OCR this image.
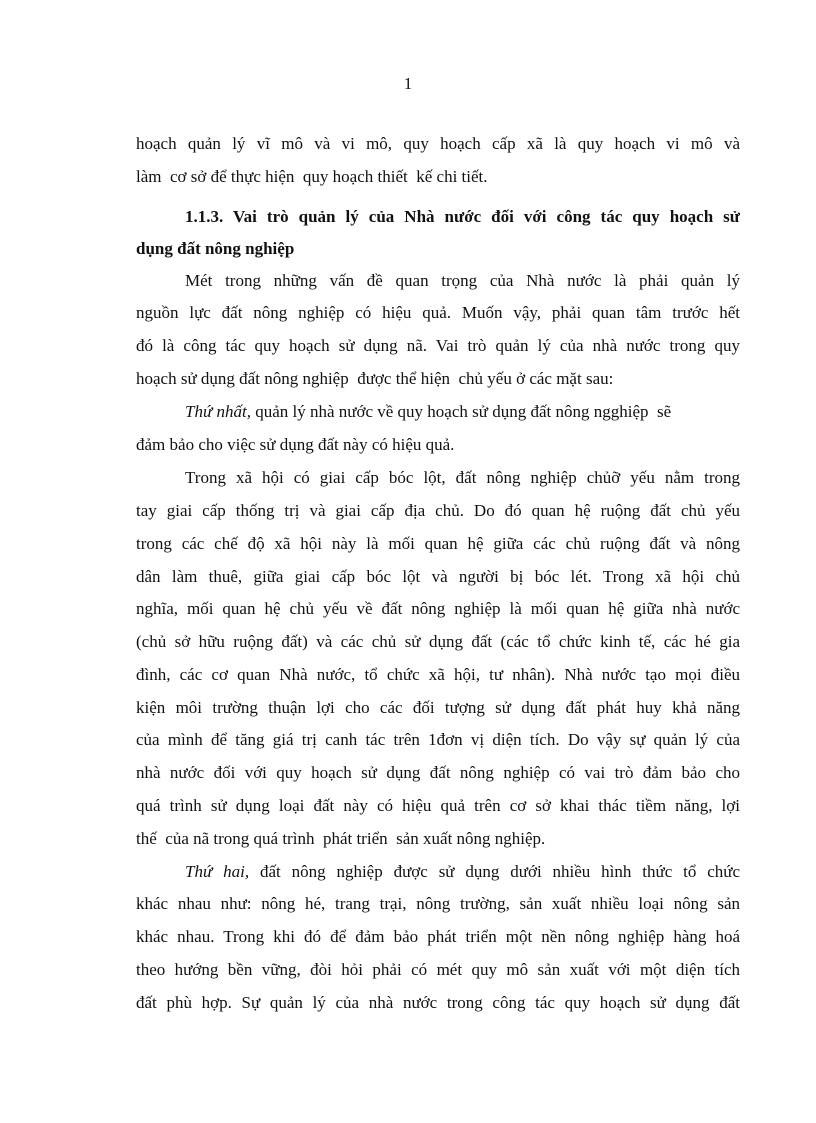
1
hoạch quản lý vĩ mô và vi mô, quy hoạch cấp xã là quy hoạch vi mô và
làm  cơ sở để thực hiện  quy hoạch thiết  kế chi tiết.
1.1.3. Vai trò quản lý của Nhà nước đối với công tác quy hoạch sử
dụng đất nông nghiệp
Mét trong những vấn đề quan trọng của Nhà nước là phải quản lý
nguồn lực đất nông nghiệp có hiệu quả. Muốn vậy, phải quan tâm trước hết
đó là công tác quy hoạch sử dụng nã. Vai trò quản lý của nhà nước trong quy
hoạch sử dụng đất nông nghiệp  được thể hiện  chủ yếu ở các mặt sau:
Thứ nhất, quản lý nhà nước về quy hoạch sử dụng đất nông ngghiệp  sẽ
đảm bảo cho việc sử dụng đất này có hiệu quả.
Trong xã hội có giai cấp bóc lột, đất nông nghiệp chủỡ yếu nằm trong
tay giai cấp thống trị và giai cấp địa chủ. Do đó quan hệ ruộng đất chủ yếu
trong các chế độ xã hội này là mối quan hệ giữa các chủ ruộng đất và nông
dân làm thuê, giữa giai cấp bóc lột và người bị bóc lét. Trong xã hội chủ
nghĩa, mối quan hệ chủ yếu về đất nông nghiệp là mối quan hệ giữa nhà nước
(chủ sở hữu ruộng đất) và các chủ sử dụng đất (các tổ chức kinh tế, các hé gia
đình, các cơ quan Nhà nước, tổ chức xã hội, tư nhân). Nhà nước tạo mọi điều
kiện môi trường thuận lợi cho các đối tượng sử dụng đất phát huy khả năng
của mình để tăng giá trị canh tác trên 1đơn vị diện tích. Do vậy sự quản lý của
nhà nước đối với quy hoạch sử dụng đất nông nghiệp có vai trò đảm bảo cho
quá trình sử dụng loại đất này có hiệu quả trên cơ sở khai thác tiềm năng, lợi
thế  của nã trong quá trình  phát triển  sản xuất nông nghiệp.
Thứ hai, đất nông nghiệp được sử dụng dưới nhiều hình thức tổ chức
khác nhau như: nông hé, trang trại, nông trường, sản xuất nhiều loại nông sản
khác nhau. Trong khi đó để đảm bảo phát triển một nền nông nghiệp hàng hoá
theo hướng bền vững, đòi hỏi phải có mét quy mô sản xuất với một diện tích
đất phù hợp. Sự quản lý của nhà nước trong công tác quy hoạch sử dụng đất
